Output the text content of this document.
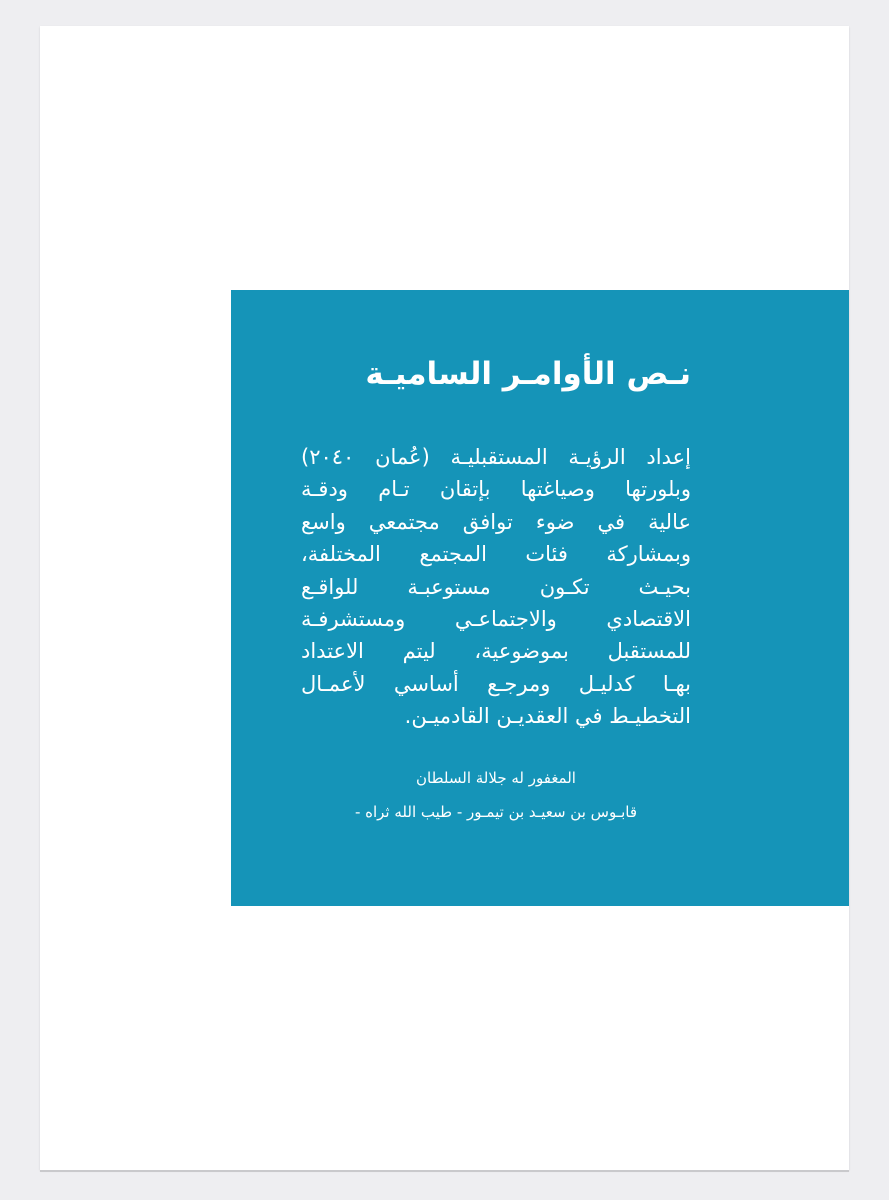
نـص الأوامـر الساميـة
إعداد الرؤيـة المستقبليـة (عُمان ٢٠٤٠)
وبلورتها وصياغتها بإتقان تـام ودقـة
عالية في ضوء توافق مجتمعي واسع
وبمشاركة فئات المجتمع المختلفة،
بحيـث تكـون مستوعبـة للواقـع
الاقتصادي والاجتماعـي ومستشرفـة
للمستقبل بموضوعية، ليتم الاعتداد
بهـا كدليـل ومرجـع أساسي لأعمـال
التخطيـط في العقديـن القادميـن.
المغفور له جلالة السلطان
قابـوس بن سعيـد بن تيمـور - طيب الله ثراه -
